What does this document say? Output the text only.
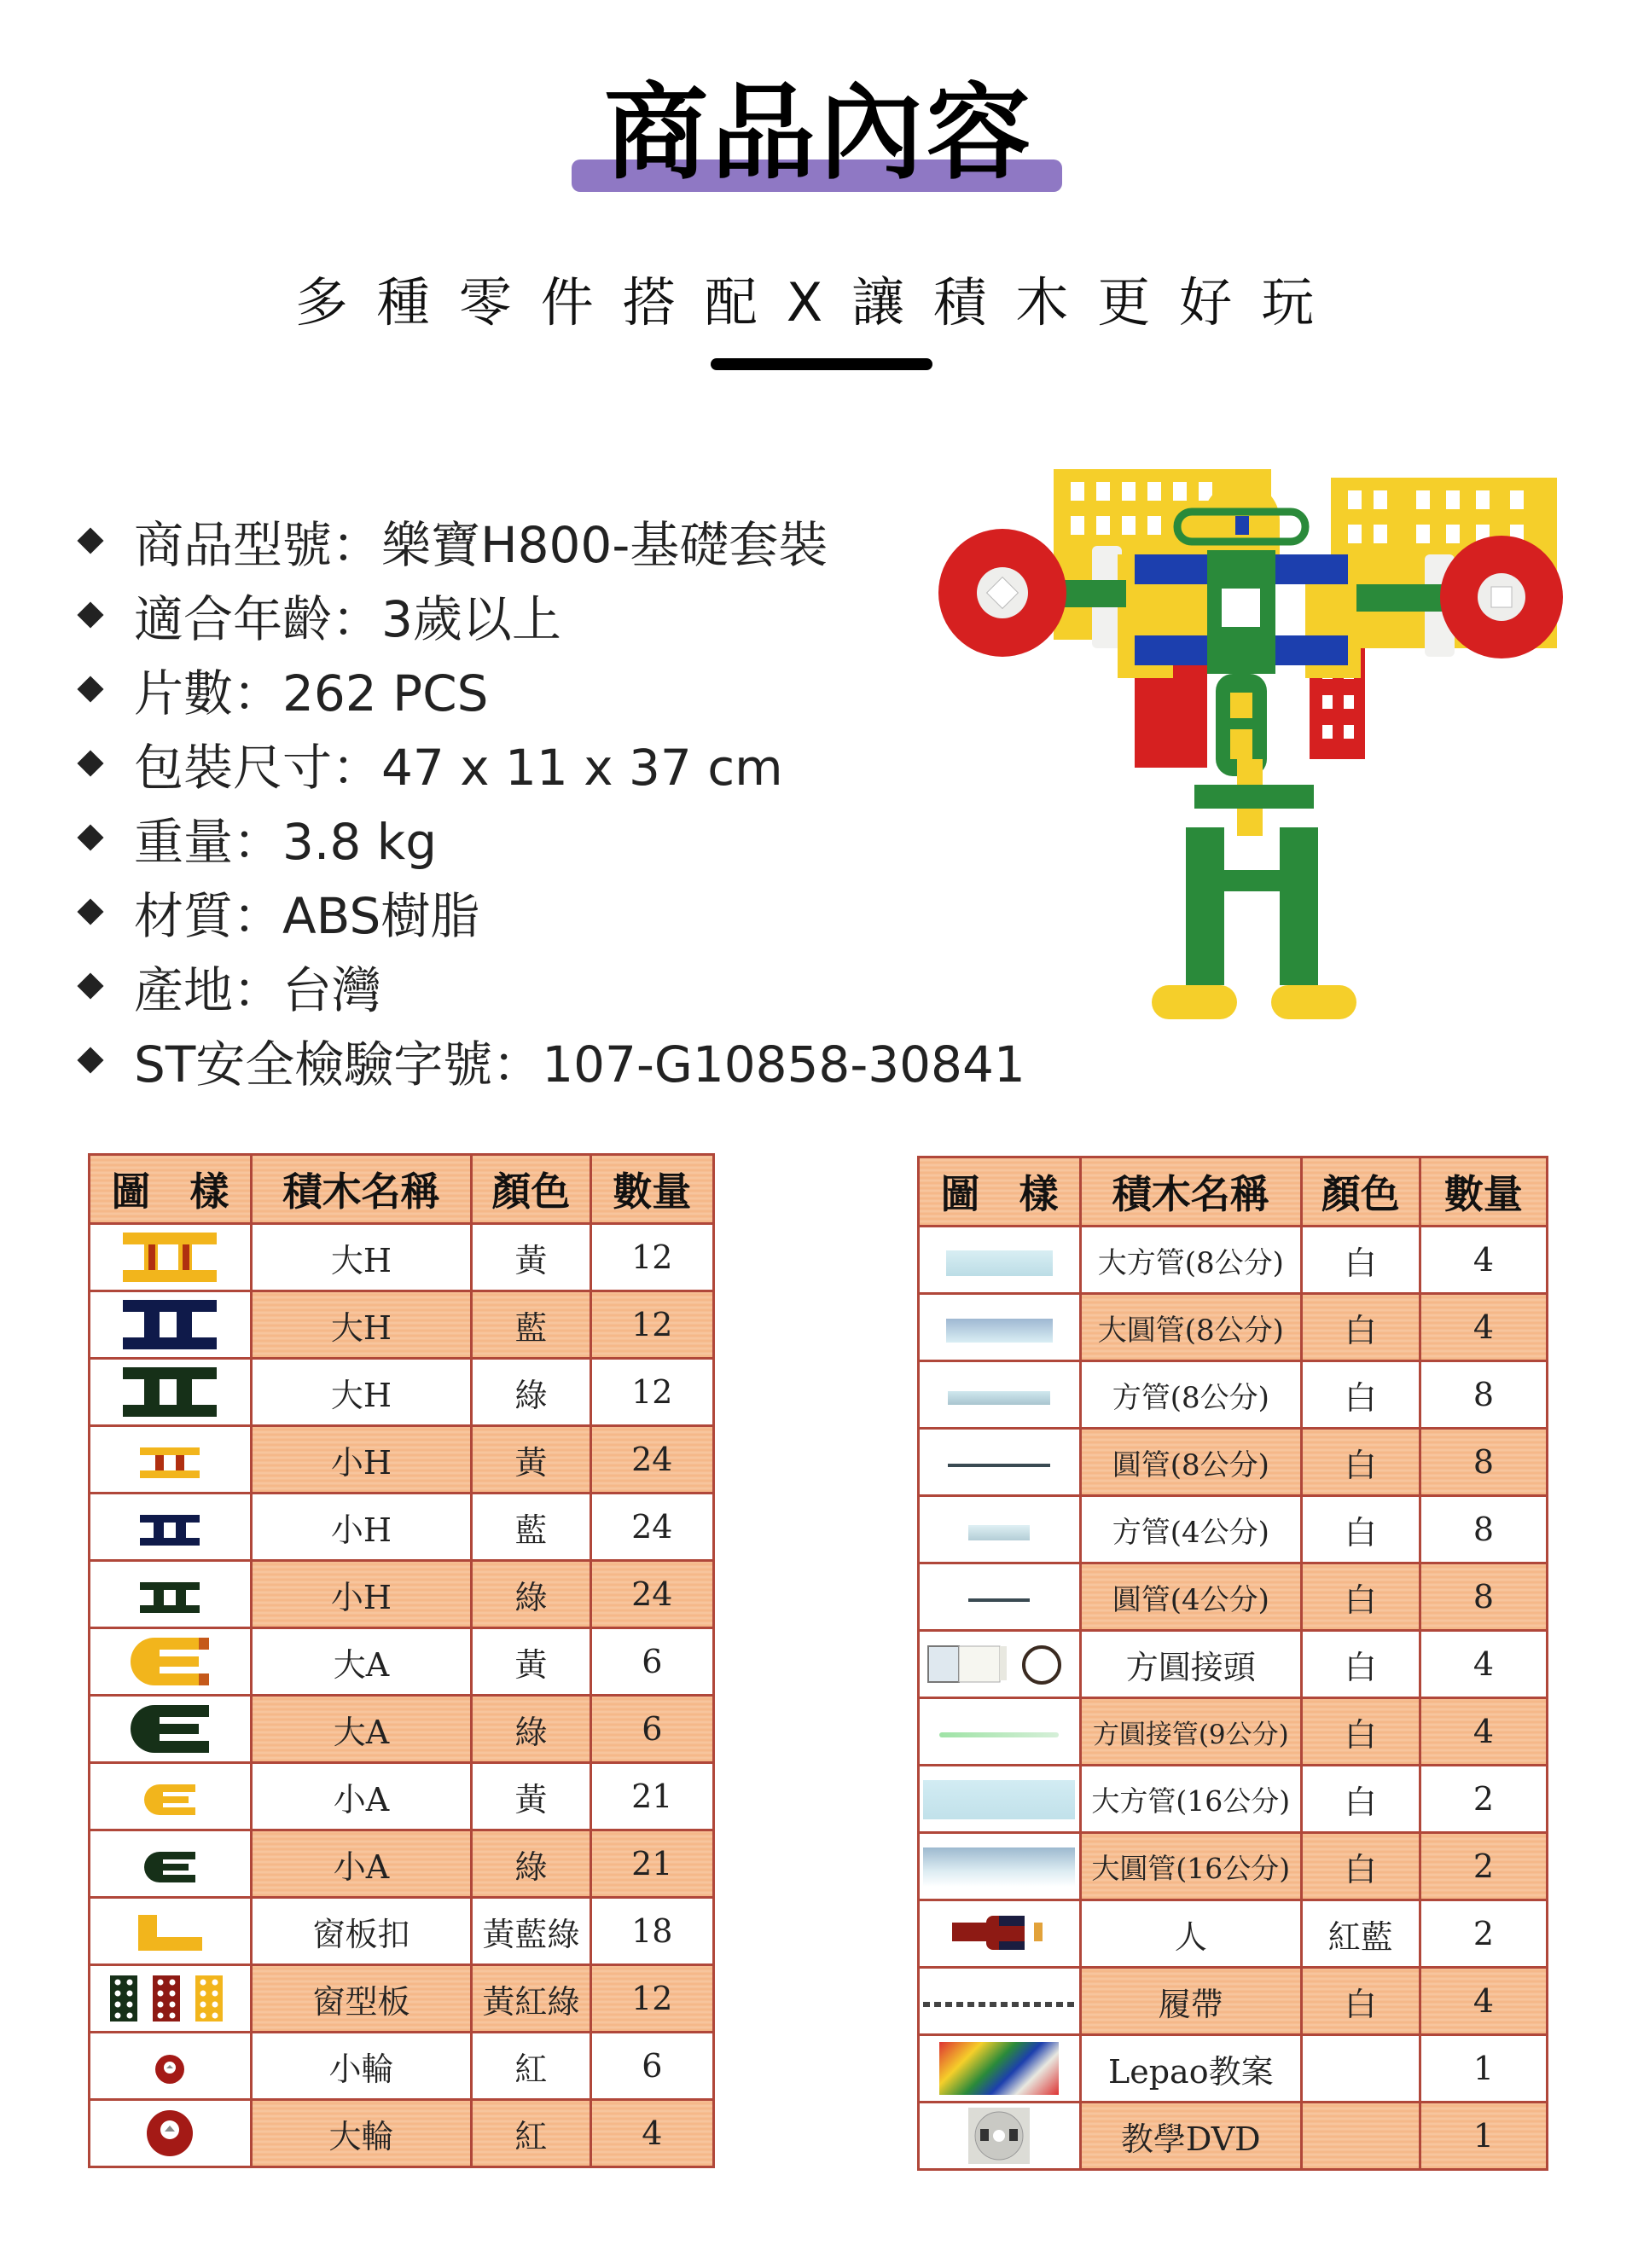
商品內容
多種零件搭配X讓積木更好玩
商品型號：樂寶H800-基礎套裝
適合年齡：3歲以上
片數：262 PCS
包裝尺寸：47 x 11 x 37 cm
重量：3.8 kg
材質：ABS樹脂
產地：台灣
ST安全檢驗字號：107-G10858-30841
圖　樣	積木名稱	顏色	數量
	大H	黃	12
	大H	藍	12
	大H	綠	12
	小H	黃	24
	小H	藍	24
	小H	綠	24
	大A	黃	6
	大A	綠	6
	小A	黃	21
	小A	綠	21
	窗板扣	黃藍綠	18
	窗型板	黃紅綠	12
	小輪	紅	6
	大輪	紅	4
圖　樣	積木名稱	顏色	數量
	大方管(8公分)	白	4
	大圓管(8公分)	白	4
	方管(8公分)	白	8
	圓管(8公分)	白	8
	方管(4公分)	白	8
	圓管(4公分)	白	8
	方圓接頭	白	4
	方圓接管(9公分)	白	4
	大方管(16公分)	白	2
	大圓管(16公分)	白	2
	人	紅藍	2
	履帶	白	4
	Lepao教案		1
	教學DVD		1
